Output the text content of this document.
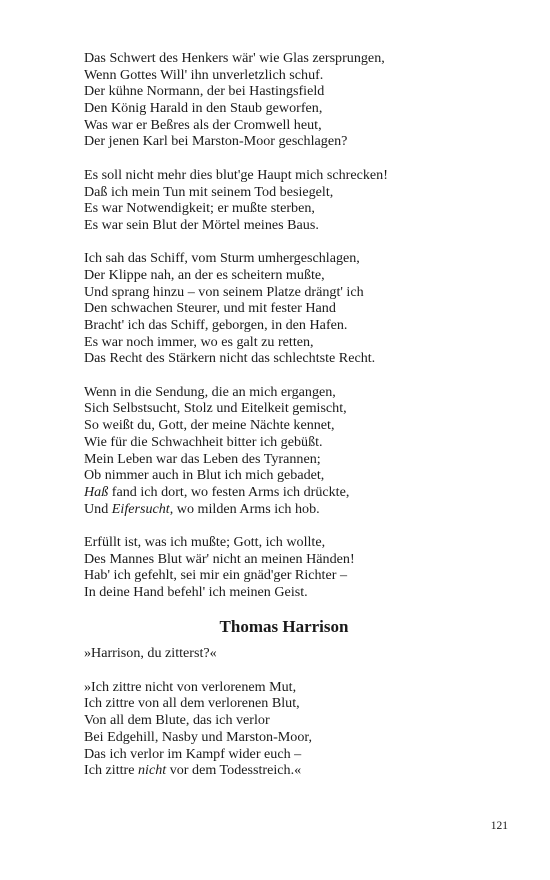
Das Schwert des Henkers wär' wie Glas zersprungen,
Wenn Gottes Will' ihn unverletzlich schuf.
Der kühne Normann, der bei Hastingsfield
Den König Harald in den Staub geworfen,
Was war er Beßres als der Cromwell heut,
Der jenen Karl bei Marston-Moor geschlagen?
Es soll nicht mehr dies blut'ge Haupt mich schrecken!
Daß ich mein Tun mit seinem Tod besiegelt,
Es war Notwendigkeit; er mußte sterben,
Es war sein Blut der Mörtel meines Baus.
Ich sah das Schiff, vom Sturm umhergeschlagen,
Der Klippe nah, an der es scheitern mußte,
Und sprang hinzu – von seinem Platze drängt' ich
Den schwachen Steurer, und mit fester Hand
Bracht' ich das Schiff, geborgen, in den Hafen.
Es war noch immer, wo es galt zu retten,
Das Recht des Stärkern nicht das schlechtste Recht.
Wenn in die Sendung, die an mich ergangen,
Sich Selbstsucht, Stolz und Eitelkeit gemischt,
So weißt du, Gott, der meine Nächte kennet,
Wie für die Schwachheit bitter ich gebüßt.
Mein Leben war das Leben des Tyrannen;
Ob nimmer auch in Blut ich mich gebadet,
Haß fand ich dort, wo festen Arms ich drückte,
Und Eifersucht, wo milden Arms ich hob.
Erfüllt ist, was ich mußte; Gott, ich wollte,
Des Mannes Blut wär' nicht an meinen Händen!
Hab' ich gefehlt, sei mir ein gnäd'ger Richter –
In deine Hand befehl' ich meinen Geist.
Thomas Harrison
»Harrison, du zitterst?«
»Ich zittre nicht von verlorenem Mut,
Ich zittre von all dem verlorenen Blut,
Von all dem Blute, das ich verlor
Bei Edgehill, Nasby und Marston-Moor,
Das ich verlor im Kampf wider euch –
Ich zittre nicht vor dem Todesstreich.«
121
